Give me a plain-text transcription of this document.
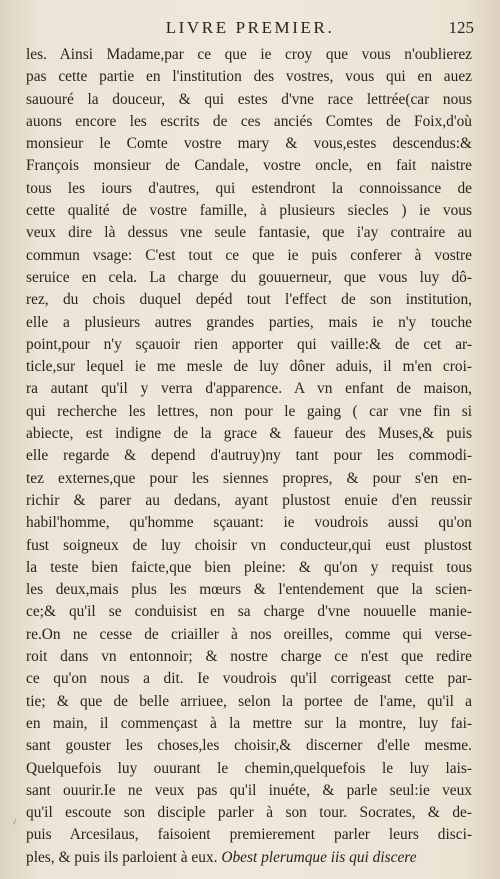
LIVRE PREMIER.	125
les. Ainsi Madame,par ce que ie croy que vous n'oublierez
pas cette partie en l'institution des vostres, vous qui en auez
sauouré la douceur, & qui estes d'vne race lettrée(car nous
auons encore les escrits de ces anciés Comtes de Foix,d'où
monsieur le Comte vostre mary & vous,estes descendus:&
François monsieur de Candale, vostre oncle, en fait naistre
tous les iours d'autres, qui estendront la connoissance de
cette qualité de vostre famille, à plusieurs siecles ) ie vous
veux dire là dessus vne seule fantasie, que i'ay contraire au
commun vsage: C'est tout ce que ie puis conferer à vostre
seruice en cela. La charge du gouuerneur, que vous luy dô-
rez, du chois duquel depéd tout l'effect de son institution,
elle a plusieurs autres grandes parties, mais ie n'y touche
point,pour n'y sçauoir rien apporter qui vaille:& de cet ar-
ticle,sur lequel ie me mesle de luy dôner aduis, il m'en croi-
ra autant qu'il y verra d'apparence. A vn enfant de maison,
qui recherche les lettres, non pour le gaing ( car vne fin si
abiecte, est indigne de la grace & faueur des Muses,& puis
elle regarde & depend d'autruy)ny tant pour les commodi-
tez externes,que pour les siennes propres, & pour s'en en-
richir & parer au dedans, ayant plustost enuie d'en reussir
habil'homme, qu'homme sçauant: ie voudrois aussi qu'on
fust soigneux de luy choisir vn conducteur,qui eust plustost
la teste bien faicte,que bien pleine: & qu'on y requist tous
les deux,mais plus les mœurs & l'entendement que la scien-
ce;& qu'il se conduisist en sa charge d'vne nouuelle manie-
re.On ne cesse de criailler à nos oreilles, comme qui verse-
roit dans vn entonnoir; & nostre charge ce n'est que redire
ce qu'on nous a dit. Ie voudrois qu'il corrigeast cette par-
tie; & que de belle arriuee, selon la portee de l'ame, qu'il a
en main, il commençast à la mettre sur la montre, luy fai-
sant gouster les choses,les choisir,& discerner d'elle mesme.
Quelquefois luy ouurant le chemin,quelquefois le luy lais-
sant ouurir.Ie ne veux pas qu'il inuéte, & parle seul:ie veux
qu'il escoute son disciple parler à son tour. Socrates, & de-
puis Arcesilaus, faisoient premierement parler leurs disci-
ples, & puis ils parloient à eux. Obest plerumque iis qui discere
